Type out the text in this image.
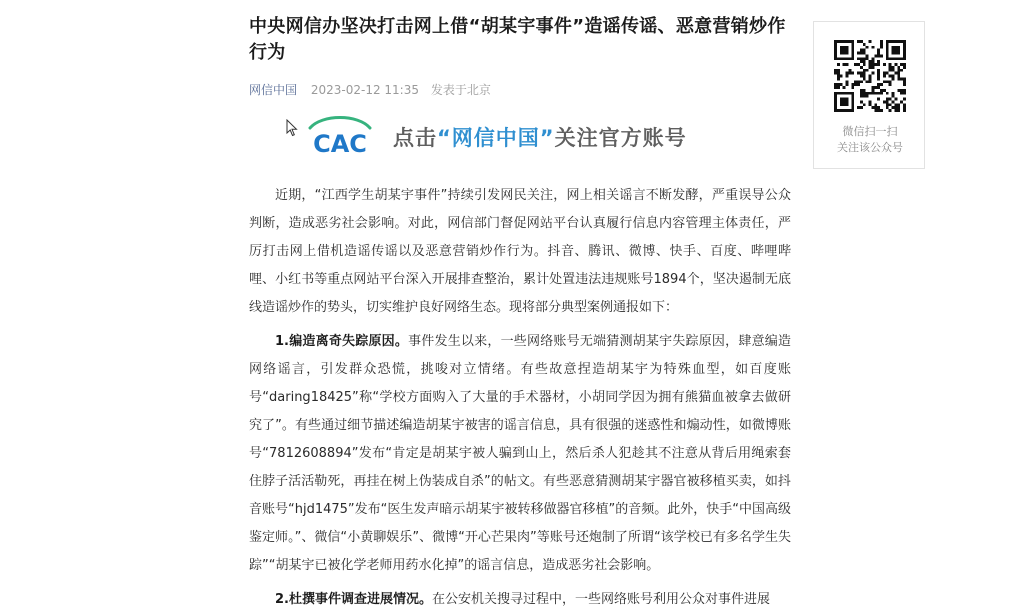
中央网信办坚决打击网上借“胡某宇事件”造谣传谣、恶意营销炒作行为
网信中国 2023-02-12 11:35 发表于北京
CAC 点击“网信中国”关注官方账号

近期，“江西学生胡某宇事件”持续引发网民关注，网上相关谣言不断发酵，严重误导公众判断，造成恶劣社会影响。对此，网信部门督促网站平台认真履行信息内容管理主体责任，严厉打击网上借机造谣传谣以及恶意营销炒作行为。抖音、腾讯、微博、快手、百度、哔哩哔哩、小红书等重点网站平台深入开展排查整治，累计处置违法违规账号1894个，坚决遏制无底线造谣炒作的势头，切实维护良好网络生态。现将部分典型案例通报如下：

1.编造离奇失踪原因。事件发生以来，一些网络账号无端猜测胡某宇失踪原因，肆意编造网络谣言，引发群众恐慌，挑唆对立情绪。有些故意捏造胡某宇为特殊血型，如百度账号“daring18425”称“学校方面购入了大量的手术器材，小胡同学因为拥有熊猫血被拿去做研究了”。有些通过细节描述编造胡某宇被害的谣言信息，具有很强的迷惑性和煽动性，如微博账号“7812608894”发布“肯定是胡某宇被人骗到山上，然后杀人犯趁其不注意从背后用绳索套住脖子活活勒死，再挂在树上伪装成自杀”的帖文。有些恶意猜测胡某宇器官被移植买卖，如抖音账号“hjd1475”发布“医生发声暗示胡某宇被转移做器官移植”的音频。此外，快手“中国高级鉴定师。”、微信“小黄聊娱乐”、微博“开心芒果肉”等账号还炮制了所谓“该学校已有多名学生失踪”“胡某宇已被化学老师用药水化掉”的谣言信息，造成恶劣社会影响。

2.杜撰事件调查进展情况。在公安机关搜寻过程中，一些网络账号利用公众对事件进展

微信扫一扫
关注该公众号
